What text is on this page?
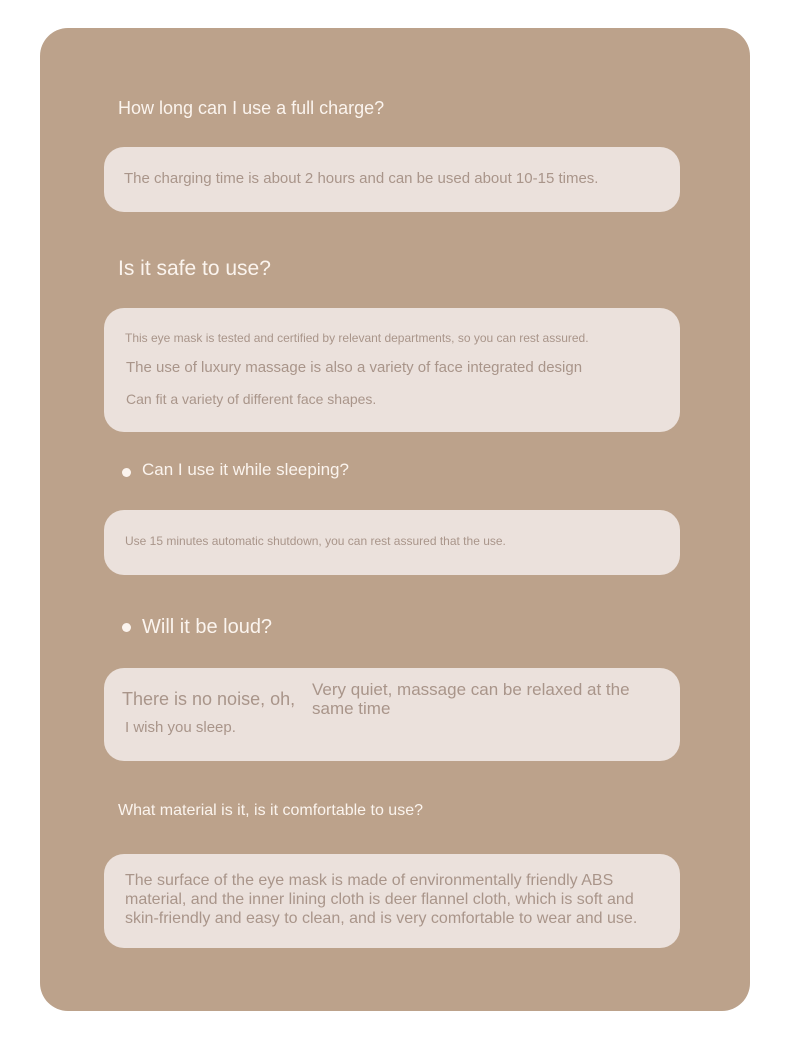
How long can I use a full charge?
The charging time is about 2 hours and can be used about 10-15 times.
Is it safe to use?
This eye mask is tested and certified by relevant departments, so you can rest assured.
The use of luxury massage is also a variety of face integrated design
Can fit a variety of different face shapes.
Can I use it while sleeping?
Use 15 minutes automatic shutdown, you can rest assured that the use.
Will it be loud?
There is no noise, oh, Very quiet, massage can be relaxed at the same time
I wish you sleep.
What material is it, is it comfortable to use?
The surface of the eye mask is made of environmentally friendly ABS material, and the inner lining cloth is deer flannel cloth, which is soft and skin-friendly and easy to clean, and is very comfortable to wear and use.
